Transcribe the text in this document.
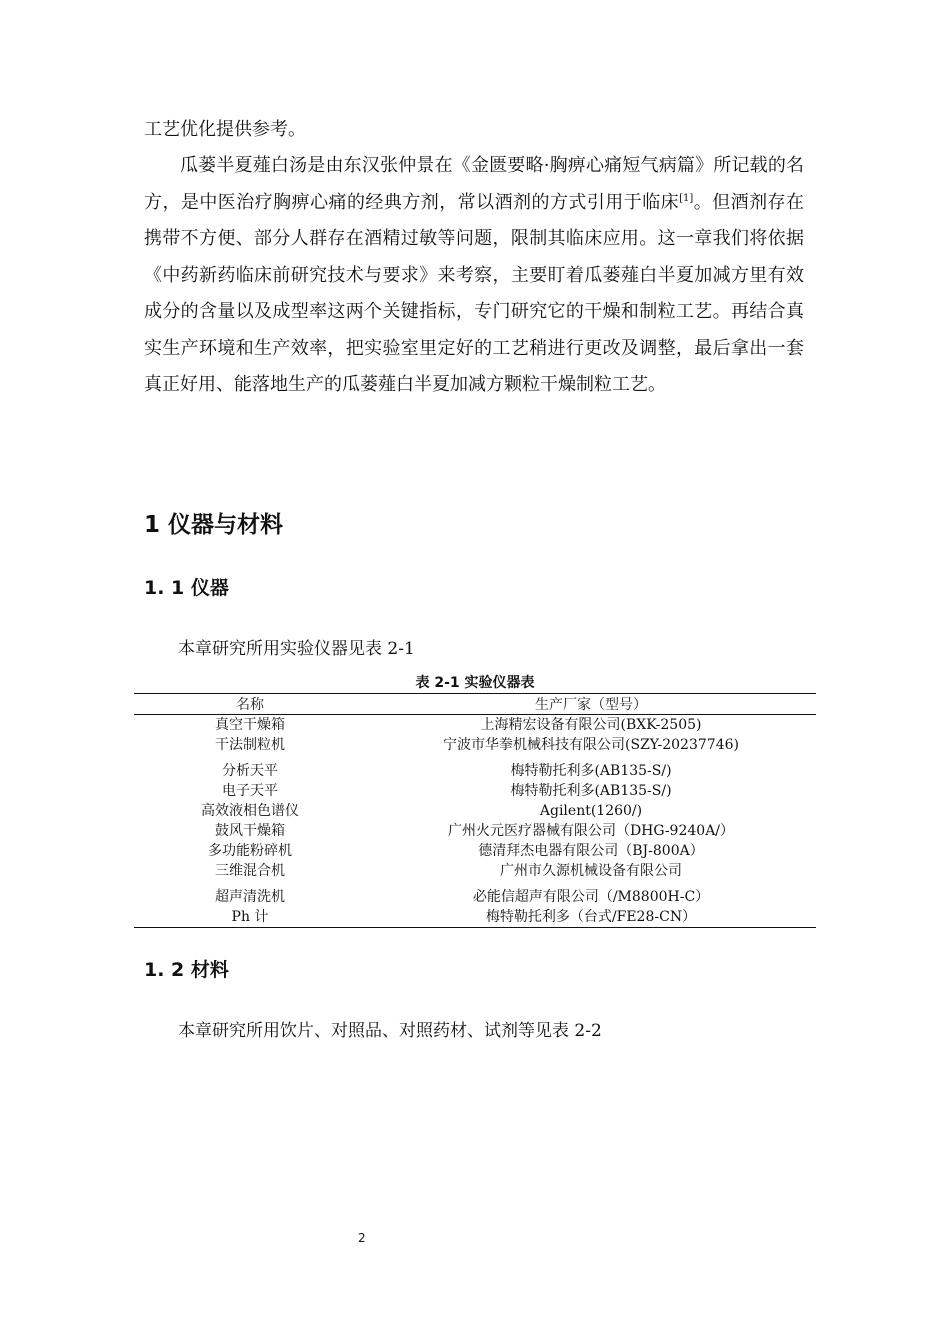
工艺优化提供参考。

瓜蒌半夏薤白汤是由东汉张仲景在《金匮要略·胸痹心痛短气病篇》所记载的名方，是中医治疗胸痹心痛的经典方剂，常以酒剂的方式引用于临床[1]。但酒剂存在携带不方便、部分人群存在酒精过敏等问题，限制其临床应用。这一章我们将依据《中药新药临床前研究技术与要求》来考察，主要盯着瓜蒌薤白半夏加减方里有效成分的含量以及成型率这两个关键指标，专门研究它的干燥和制粒工艺。再结合真实生产环境和生产效率，把实验室里定好的工艺稍进行更改及调整，最后拿出一套真正好用、能落地生产的瓜蒌薤白半夏加减方颗粒干燥制粒工艺。

1 仪器与材料
1. 1 仪器

本章研究所用实验仪器见表 2-1

表 2-1 实验仪器表

名称	生产厂家（型号）
真空干燥箱	上海精宏设备有限公司(BXK-2505)
干法制粒机	宁波市华拳机械科技有限公司(SZY-20237746)
分析天平	梅特勒托利多(AB135-S/)
电子天平	梅特勒托利多(AB135-S/)
高效液相色谱仪	Agilent(1260/)
鼓风干燥箱	广州火元医疗器械有限公司（DHG-9240A/）
多功能粉碎机	德清拜杰电器有限公司（BJ-800A）
三维混合机	广州市久源机械设备有限公司
超声清洗机	必能信超声有限公司（/M8800H-C）
Ph 计	梅特勒托利多（台式/FE28-CN）
1. 2 材料

本章研究所用饮片、对照品、对照药材、试剂等见表 2-2

2
